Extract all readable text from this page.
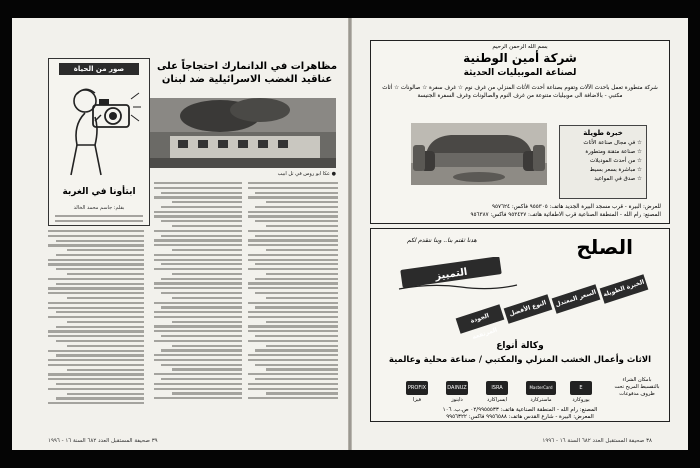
صور من الحياة
ابتأونا في الغربة
بقلم: جاسم محمد الخالد
مظاهرات في الدانمارك احتجاجاً على عناقيد الغضب الاسرائيلية ضد لبنان
● عكا ابو روس في تل ابيب
٣٩ صحيفة المستقبل العدد ٦٨٢ السنة ١٦ - ١٩٩٦
بسم الله الرحمن الرحيم
شركة أمين الوطنية
لصناعة الموبيليات الحديثة
شركة متطورة تعمل باحدث الآلات وتقوم بصناعة أحدث الأثاث المنزلي من غرف نوم ☆ غرف سفرة ☆ صالونات ☆ أثاث مكتبي - بالاضافة الى موبيليات متنوعة من غرف النوم والصالونات وغرف السفرة الجنيسة
خبرة طويلة
☆ في مجال صناعة الأثاث
☆ صناعة متقنة ومتطورة
☆ من أحدث الموديلات
☆ مباشرة بسعر بسيط
☆ صدق في المواعيد
للعرض: البيرة - قرب مسجد البيرة الجديد هاتف: ٩٥٥٣٠٥ فاكس: ٩٥٧٦٢٤
المصنع: رام الله - المنطقة الصناعية قرب الاطفائية هاتف: ٩٥٣٤٣٧ فاكس: ٩٥٦٣٨٧
الصلح
هدنا ثقتم بنا.. وبنا نتقدم لكم
التمييز
الخبرة الطويلة
السعر المعتدل
النوع الأفضل
الجودة المرتفعة
وكالة أنواع
الاثاث وأعمال الخشب المنزلي والمكتبي / صناعة محلية وعالمية
PROFIX
فيزا
DAINUZ
داينوز
ISRA
ايسراكارد
MasterCard
ماستركارد
E
يوروكارد
بامكان الشراء بالتقسيط المريح تحت ظروف مدفوعات
المصنع: رام الله - المنطقة الصناعية هاتف: ٠٢/٩٩٥٥٥٣٣ ص.ب. ١٠٦
المعرض: البيرة - شارع القدس هاتف: ٩٩٥٦٥٨٨ فاكس: ٩٩٥٦٣٢٢
٣٨ صحيفة المستقبل العدد ٦٨٢ السنة ١٦ - ١٩٩٦
